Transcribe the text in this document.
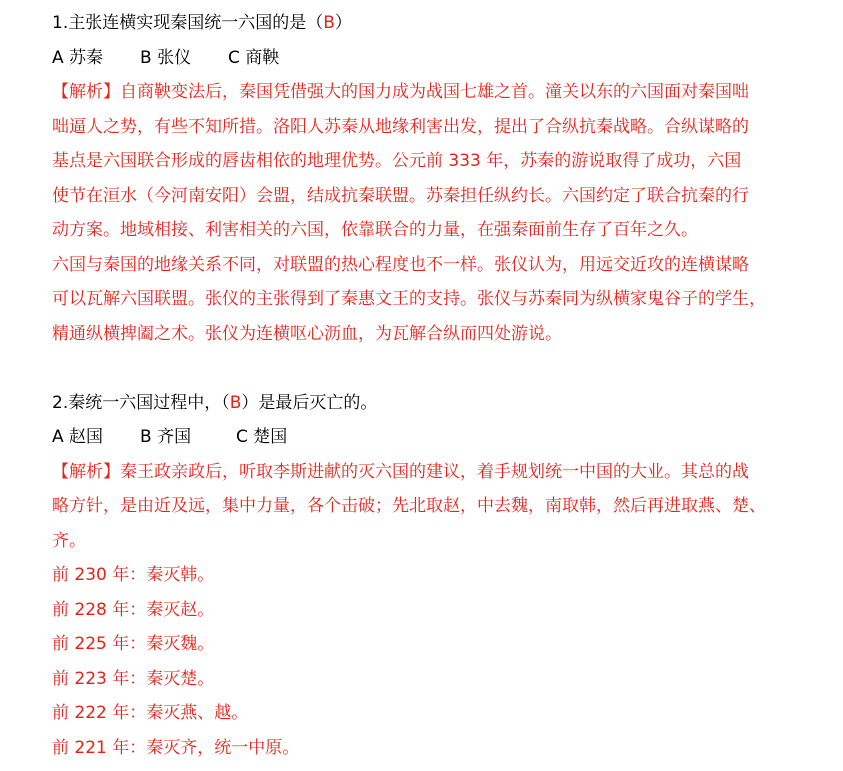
1.主张连横实现秦国统一六国的是（B）
A 苏秦 B 张仪 C 商鞅
【解析】自商鞅变法后，秦国凭借强大的国力成为战国七雄之首。潼关以东的六国面对秦国咄
咄逼人之势，有些不知所措。洛阳人苏秦从地缘利害出发，提出了合纵抗秦战略。合纵谋略的
基点是六国联合形成的唇齿相依的地理优势。公元前 333 年，苏秦的游说取得了成功，六国
使节在洹水（今河南安阳）会盟，结成抗秦联盟。苏秦担任纵约长。六国约定了联合抗秦的行
动方案。地域相接、利害相关的六国，依靠联合的力量，在强秦面前生存了百年之久。
六国与秦国的地缘关系不同，对联盟的热心程度也不一样。张仪认为，用远交近攻的连横谋略
可以瓦解六国联盟。张仪的主张得到了秦惠文王的支持。张仪与苏秦同为纵横家鬼谷子的学生，
精通纵横捭阖之术。张仪为连横呕心沥血，为瓦解合纵而四处游说。
2.秦统一六国过程中，（B）是最后灭亡的。
A 赵国 B 齐国	C 楚国
【解析】秦王政亲政后，听取李斯进献的灭六国的建议，着手规划统一中国的大业。其总的战
略方针，是由近及远，集中力量，各个击破；先北取赵，中去魏，南取韩，然后再进取燕、楚、
齐。
前 230 年：秦灭韩。
前 228 年：秦灭赵。
前 225 年：秦灭魏。
前 223 年：秦灭楚。
前 222 年：秦灭燕、越。
前 221 年：秦灭齐，统一中原。
